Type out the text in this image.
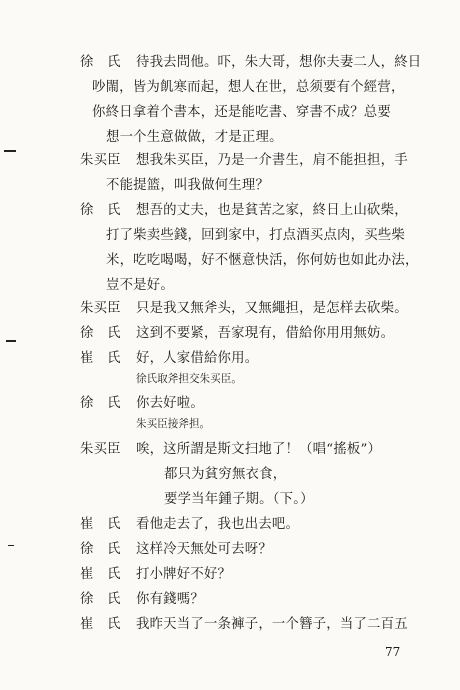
徐　氏 待我去問他。吓，朱大哥，想你夫妻二人，終日
吵閙，皆为飢寒而起，想人在世，总须要有个經营，
你終日拿着个書本，还是能吃書、穿書不成？总要
想一个生意做做，才是正理。
朱买臣 想我朱买臣，乃是一介書生，肩不能担担，手
不能提篮，叫我做何生理？
徐　氏 想吾的丈夫，也是貧苦之家，終日上山砍柴，
打了柴卖些錢，回到家中，打点酒买点肉，买些柴
米，吃吃喝喝，好不愜意快活，你何妨也如此办法，
豈不是好。
朱买臣 只是我又無斧头，又無繩担，是怎样去砍柴。
徐　氏 这到不要紧，吾家現有，借給你用用無妨。
崔　氏 好，人家借給你用。
徐氏取斧担交朱买臣。
徐　氏 你去好啦。
朱买臣接斧担。
朱买臣 唉，这所謂是斯文扫地了！（唱“搖板”）
都只为貧穷無衣食，
要学当年鍾子期。（下。）
崔　氏 看他走去了，我也出去吧。
徐　氏 这样冷天無处可去呀？
崔　氏 打小牌好不好？
徐　氏 你有錢嗎？
崔　氏 我昨天当了一条褲子，一个簪子，当了二百五
77
